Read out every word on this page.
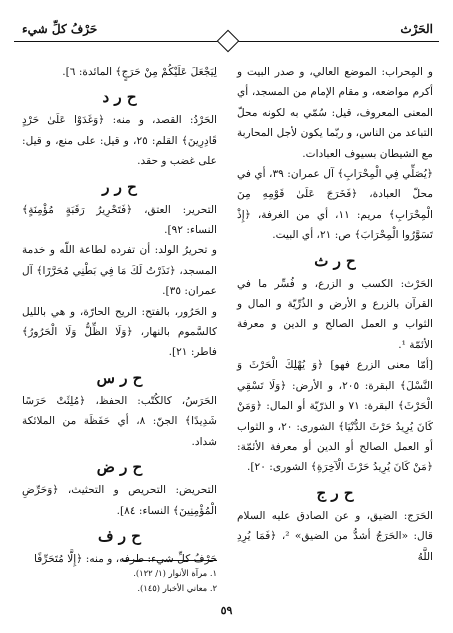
الحَرْث
حَرْفُ كلِّ شيء

و المِحراب: الموضع العالي، و صدر البيت و أكرم مواضعه، و مقام الإمام من المسجد، أي المعنى المعروف، قيل: سُمّي به لكونه محلّ التباعد من الناس، و ربّما يكون لأجل المحاربة مع الشيطان بسيوف العبادات.

﴿يُصَلِّي فِي الْمِحْرَابِ﴾ آل عمران: ٣٩، أي في محلّ العبادة، ﴿فَخَرَجَ عَلَىٰ قَوْمِهِ مِنَ الْمِحْرَابِ﴾ مريم: ١١، أي من الغرفة، ﴿إِذْ تَسَوَّرُوا الْمِحْرَابَ﴾ ص: ٢١، أي البيت.

ح ر ث

الحَرْث: الكسب و الزرع، و فُسِّر ما في القرآن بالزرع و الأرض و الذُرِّيّة و المال و الثواب و العمل الصالح و الدين و معرفة الأئمّة ¹.

[أمّا معنى الزرع فهو] ﴿وَ يُهْلِكَ الْحَرْثَ وَ النَّسْلَ﴾ البقرة: ٢٠٥، و الأرض: ﴿وَلَا تَسْقِي الْحَرْثَ﴾ البقرة: ٧١ و الذرّيّة أو المال: ﴿وَمَنْ كَانَ يُرِيدُ حَرْثَ الدُّنْيَا﴾ الشورى: ٢٠، و الثواب أو العمل الصالح أو الدين أو معرفة الأئمّة: ﴿مَنْ كَانَ يُرِيدُ حَرْثَ الْآخِرَةِ﴾ الشورى: ٢٠].

ح ر ج

الحَرَج: الضيق، و عن الصادق عليه السلام قال: «الحَرَجُ أشدُّ من الضيق» ²، ﴿فَمَا يُرِدِ اللَّهُ

لِيَجْعَلَ عَلَيْكُمْ مِنْ حَرَجٍ﴾ المائدة: ٦].

ح ر د

الحَرْدُ: القصد، و منه: ﴿وَغَدَوْا عَلَىٰ حَرْدٍ قَادِرِينَ﴾ القلم: ٢٥، و قيل: على منع، و قيل: على غضب و حقد.

ح ر ر

التحرير: العتق، ﴿فَتَحْرِيرُ رَقَبَةٍ مُؤْمِنَةٍ﴾ النساء: ٩٢].

و تحريرُ الولد: أن تفرده لطاعة اللّه و خدمة المسجد، ﴿نَذَرْتُ لَكَ مَا فِي بَطْنِي مُحَرَّرًا﴾ آل عمران: ٣٥].

و الحَرُور، بالفتح: الريح الحارّة، و هي بالليل كالسَّموم بالنهار، ﴿وَلَا الظِّلُّ وَلَا الْحَرُورُ﴾ فاطر: ٢١].

ح ر س

الحَرَسُ، كالكُتّب: الحفظ، ﴿مُلِئَتْ حَرَسًا شَدِيدًا﴾ الجنّ: ٨، أي حَفَظَة من الملائكة شداد.

ح ر ض

التحريض: التحريص و التحثيث، ﴿وَحَرِّضِ الْمُؤْمِنِينَ﴾ النساء: ٨٤].

ح ر ف

حَرْفُ كلِّ شيء: طرفه، و منه: ﴿إِلَّا مُتَحَرِّفًا

١. مرآة الأنوار (١/ ١٢٢).

٢. معاني الأخبار (١٤٥).

٥٩
